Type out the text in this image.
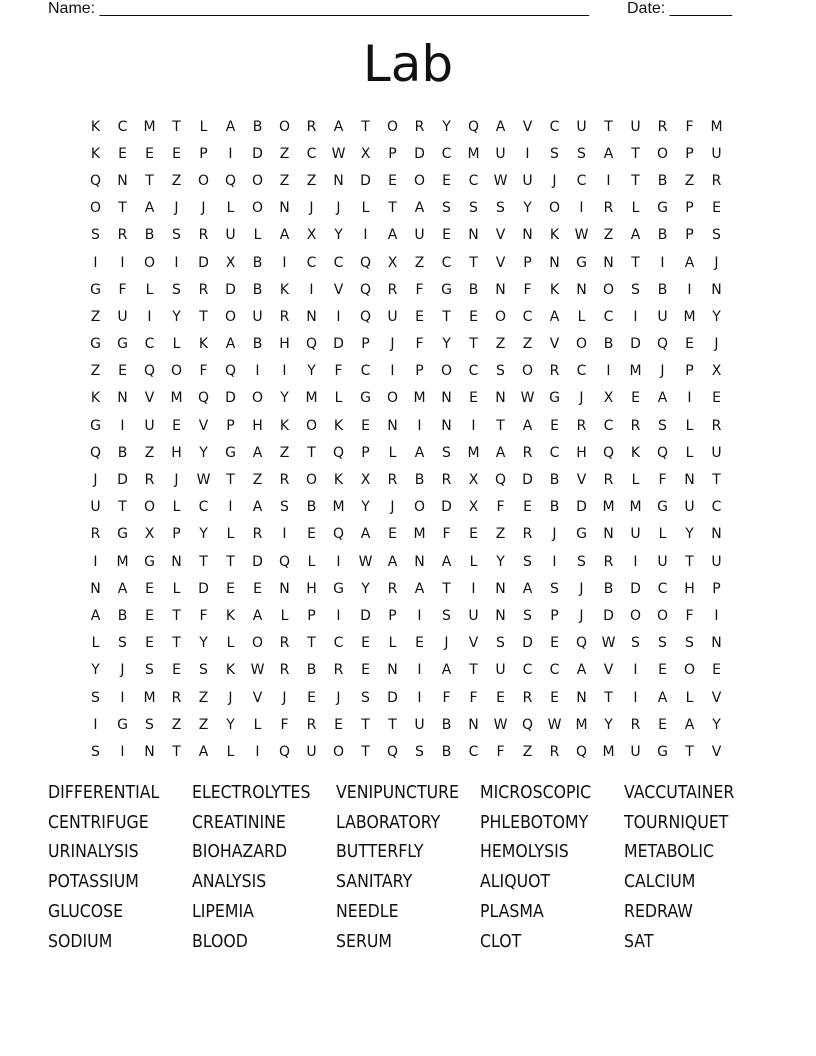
Name: _______________________________________________________ Date: _______
Lab
K	C	M	T	L	A	B	O	R	A	T	O	R	Y	Q	A	V	C	U	T	U	R	F	M
K	E	E	E	P	I	D	Z	C	W	X	P	D	C	M	U	I	S	S	A	T	O	P	U
Q	N	T	Z	O	Q	O	Z	Z	N	D	E	O	E	C	W	U	J	C	I	T	B	Z	R
O	T	A	J	J	L	O	N	J	J	L	T	A	S	S	S	Y	O	I	R	L	G	P	E
S	R	B	S	R	U	L	A	X	Y	I	A	U	E	N	V	N	K	W	Z	A	B	P	S
I	I	O	I	D	X	B	I	C	C	Q	X	Z	C	T	V	P	N	G	N	T	I	A	J
G	F	L	S	R	D	B	K	I	V	Q	R	F	G	B	N	F	K	N	O	S	B	I	N
Z	U	I	Y	T	O	U	R	N	I	Q	U	E	T	E	O	C	A	L	C	I	U	M	Y
G	G	C	L	K	A	B	H	Q	D	P	J	F	Y	T	Z	Z	V	O	B	D	Q	E	J
Z	E	Q	O	F	Q	I	I	Y	F	C	I	P	O	C	S	O	R	C	I	M	J	P	X
K	N	V	M	Q	D	O	Y	M	L	G	O	M	N	E	N	W	G	J	X	E	A	I	E
G	I	U	E	V	P	H	K	O	K	E	N	I	N	I	T	A	E	R	C	R	S	L	R
Q	B	Z	H	Y	G	A	Z	T	Q	P	L	A	S	M	A	R	C	H	Q	K	Q	L	U
J	D	R	J	W	T	Z	R	O	K	X	R	B	R	X	Q	D	B	V	R	L	F	N	T
U	T	O	L	C	I	A	S	B	M	Y	J	O	D	X	F	E	B	D	M	M	G	U	C
R	G	X	P	Y	L	R	I	E	Q	A	E	M	F	E	Z	R	J	G	N	U	L	Y	N
I	M	G	N	T	T	D	Q	L	I	W	A	N	A	L	Y	S	I	S	R	I	U	T	U
N	A	E	L	D	E	E	N	H	G	Y	R	A	T	I	N	A	S	J	B	D	C	H	P
A	B	E	T	F	K	A	L	P	I	D	P	I	S	U	N	S	P	J	D	O	O	F	I
L	S	E	T	Y	L	O	R	T	C	E	L	E	J	V	S	D	E	Q	W	S	S	S	N
Y	J	S	E	S	K	W	R	B	R	E	N	I	A	T	U	C	C	A	V	I	E	O	E
S	I	M	R	Z	J	V	J	E	J	S	D	I	F	F	E	R	E	N	T	I	A	L	V
I	G	S	Z	Z	Y	L	F	R	E	T	T	U	B	N	W	Q	W	M	Y	R	E	A	Y
S	I	N	T	A	L	I	Q	U	O	T	Q	S	B	C	F	Z	R	Q	M	U	G	T	V
DIFFERENTIAL	ELECTROLYTES	VENIPUNCTURE	MICROSCOPIC	VACCUTAINER
CENTRIFUGE	CREATININE	LABORATORY	PHLEBOTOMY	TOURNIQUET
URINALYSIS	BIOHAZARD	BUTTERFLY	HEMOLYSIS	METABOLIC
POTASSIUM	ANALYSIS	SANITARY	ALIQUOT	CALCIUM
GLUCOSE	LIPEMIA	NEEDLE	PLASMA	REDRAW
SODIUM	BLOOD	SERUM	CLOT	SAT
